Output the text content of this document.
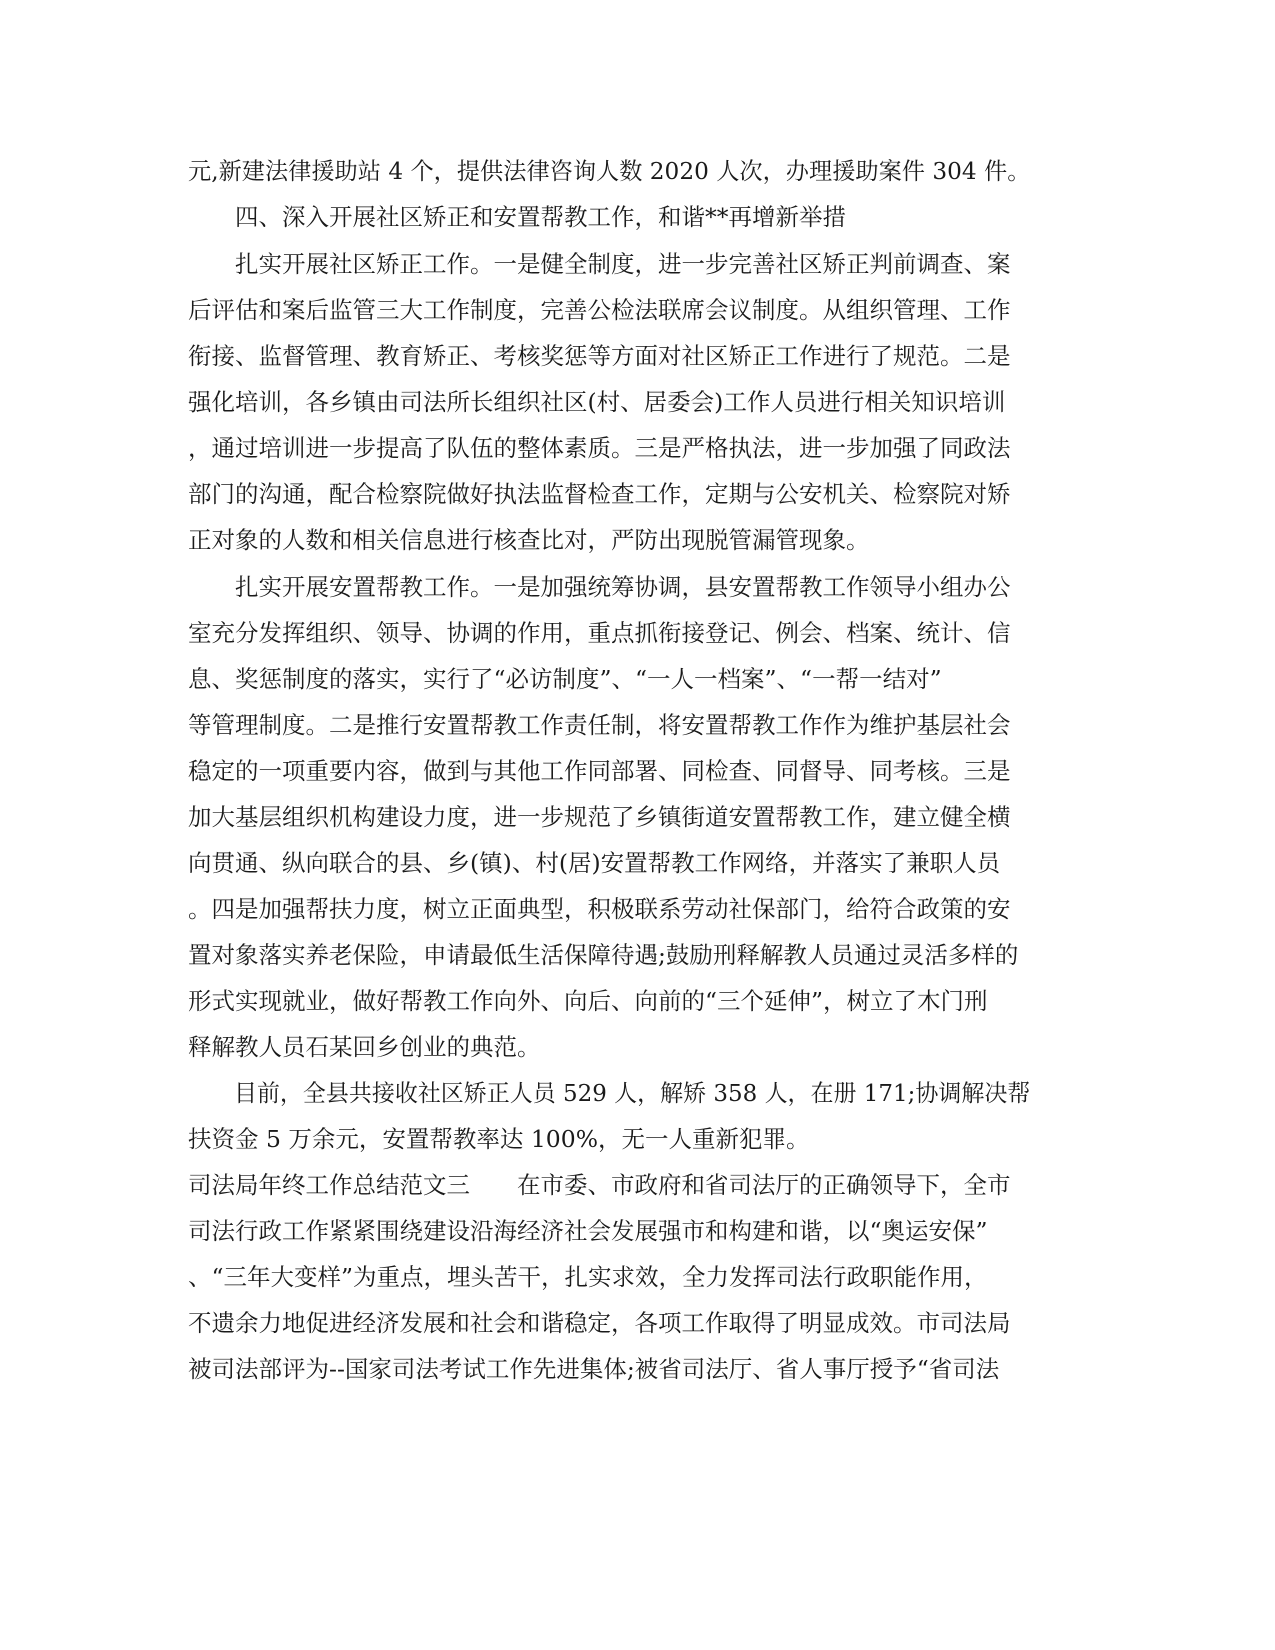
元,新建法律援助站 4 个，提供法律咨询人数 2020 人次，办理援助案件 304 件。
　　四、深入开展社区矫正和安置帮教工作，和谐**再增新举措
　　扎实开展社区矫正工作。一是健全制度，进一步完善社区矫正判前调查、案
后评估和案后监管三大工作制度，完善公检法联席会议制度。从组织管理、工作
衔接、监督管理、教育矫正、考核奖惩等方面对社区矫正工作进行了规范。二是
强化培训，各乡镇由司法所长组织社区(村、居委会)工作人员进行相关知识培训
，通过培训进一步提高了队伍的整体素质。三是严格执法，进一步加强了同政法
部门的沟通，配合检察院做好执法监督检查工作，定期与公安机关、检察院对矫
正对象的人数和相关信息进行核查比对，严防出现脱管漏管现象。
　　扎实开展安置帮教工作。一是加强统筹协调，县安置帮教工作领导小组办公
室充分发挥组织、领导、协调的作用，重点抓衔接登记、例会、档案、统计、信
息、奖惩制度的落实，实行了“必访制度”、“一人一档案”、“一帮一结对”
等管理制度。二是推行安置帮教工作责任制，将安置帮教工作作为维护基层社会
稳定的一项重要内容，做到与其他工作同部署、同检查、同督导、同考核。三是
加大基层组织机构建设力度，进一步规范了乡镇街道安置帮教工作，建立健全横
向贯通、纵向联合的县、乡(镇)、村(居)安置帮教工作网络，并落实了兼职人员
。四是加强帮扶力度，树立正面典型，积极联系劳动社保部门，给符合政策的安
置对象落实养老保险，申请最低生活保障待遇;鼓励刑释解教人员通过灵活多样的
形式实现就业，做好帮教工作向外、向后、向前的“三个延伸”，树立了木门刑
释解教人员石某回乡创业的典范。
　　目前，全县共接收社区矫正人员 529 人，解矫 358 人，在册 171;协调解决帮
扶资金 5 万余元，安置帮教率达 100%，无一人重新犯罪。
司法局年终工作总结范文三　　在市委、市政府和省司法厅的正确领导下，全市
司法行政工作紧紧围绕建设沿海经济社会发展强市和构建和谐，以“奥运安保”
、“三年大变样”为重点，埋头苦干，扎实求效，全力发挥司法行政职能作用，
不遗余力地促进经济发展和社会和谐稳定，各项工作取得了明显成效。市司法局
被司法部评为--国家司法考试工作先进集体;被省司法厅、省人事厅授予“省司法
